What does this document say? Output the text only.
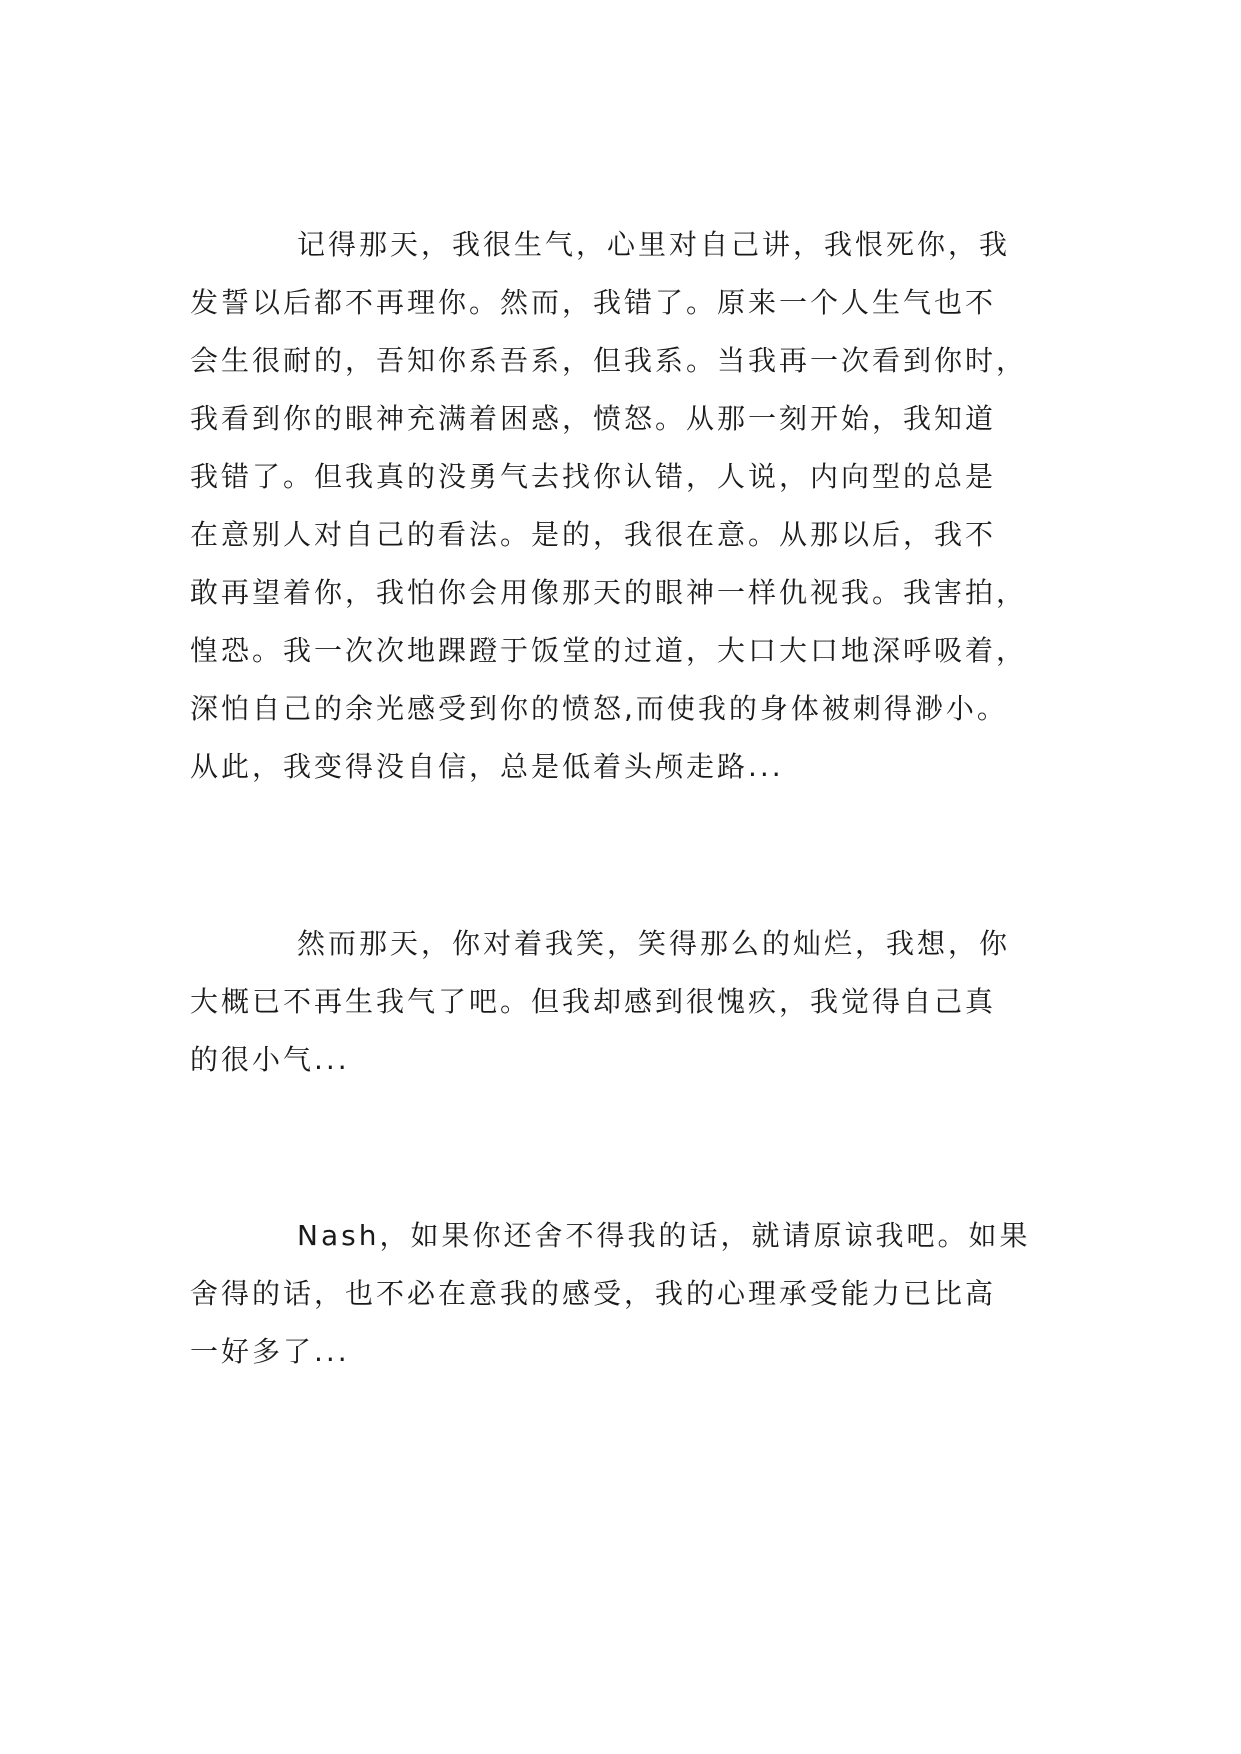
记得那天，我很生气，心里对自己讲，我恨死你，我
发誓以后都不再理你。然而，我错了。原来一个人生气也不
会生很耐的，吾知你系吾系，但我系。当我再一次看到你时，
我看到你的眼神充满着困惑，愤怒。从那一刻开始，我知道
我错了。但我真的没勇气去找你认错，人说，内向型的总是
在意别人对自己的看法。是的，我很在意。从那以后，我不
敢再望着你，我怕你会用像那天的眼神一样仇视我。我害拍，
惶恐。我一次次地踝蹬于饭堂的过道，大口大口地深呼吸着，
深怕自己的余光感受到你的愤怒,而使我的身体被刺得渺小。
从此，我变得没自信，总是低着头颅走路...
然而那天，你对着我笑，笑得那么的灿烂，我想，你
大概已不再生我气了吧。但我却感到很愧疚，我觉得自己真
的很小气...
Nash，如果你还舍不得我的话，就请原谅我吧。如果
舍得的话，也不必在意我的感受，我的心理承受能力已比高
一好多了...
